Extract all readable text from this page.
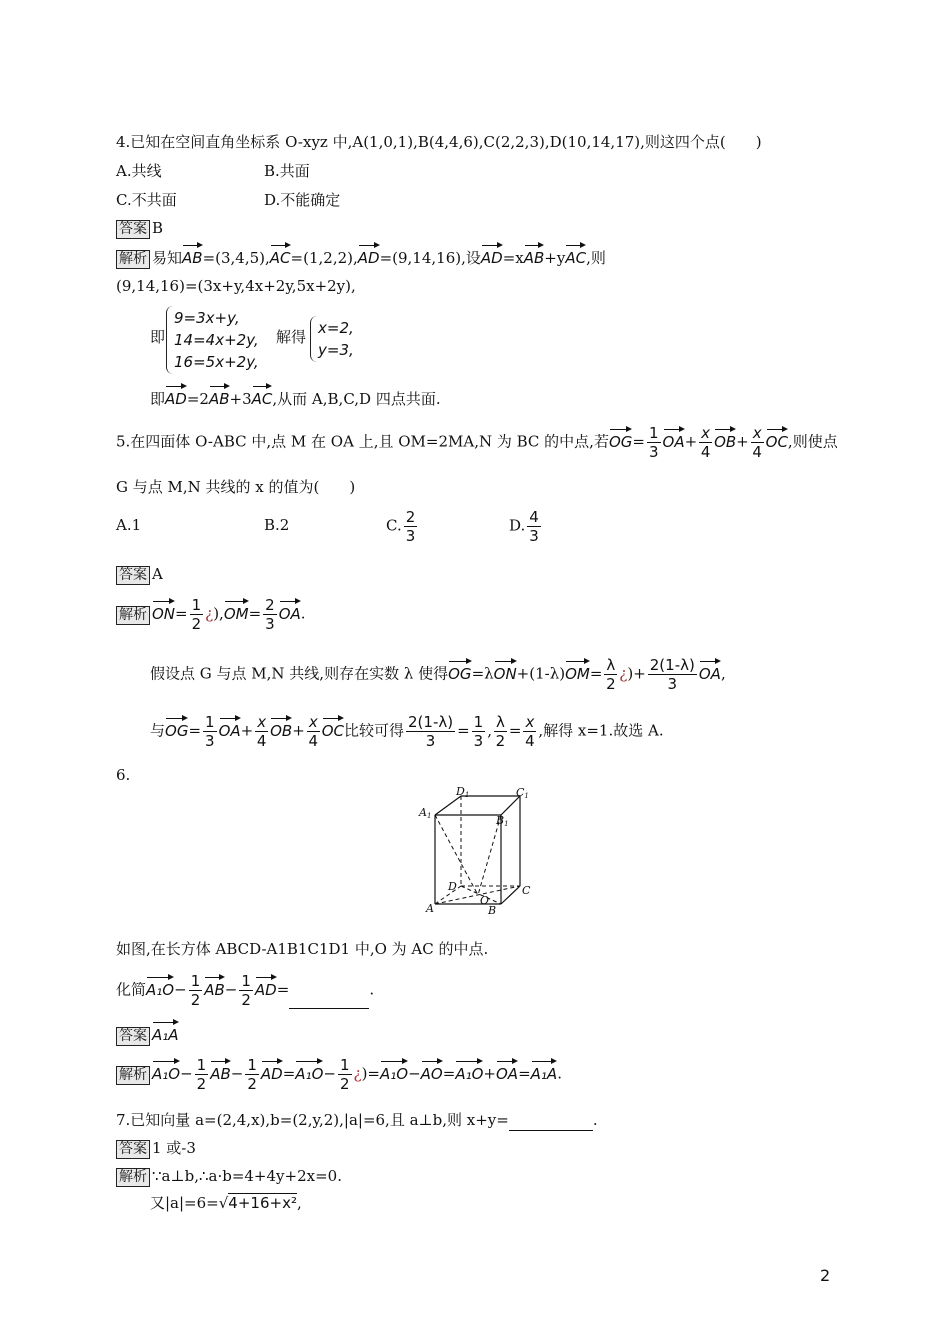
4.已知在空间直角坐标系 O-xyz 中,A(1,0,1),B(4,4,6),C(2,2,3),D(10,14,17),则这四个点(　　)
A.共线	B.共面
C.不共面	D.不能确定
答案 B
解析 易知AB=(3,4,5),AC=(1,2,2),AD=(9,14,16),设AD=xAB+yAC,则
(9,14,16)=(3x+y,4x+2y,5x+2y),
即
9=3x+y,
14=4x+2y,
16=5x+2y,
解得 x=2,
y=3,
即AD=2AB+3AC,从而 A,B,C,D 四点共面.
5.在四面体 O-ABC 中,点 M 在 OA 上,且 OM=2MA,N 为 BC 的中点,若$OG= \frac{1}{3} OA+ \frac{x}{4} OB+ \frac{x}{4}$ OC,则使点
G 与点 M,N 共线的 x 的值为(　　)
A.1	B.2	C. $\frac{2}{3}$	D. $\frac{4}{3}$
答案 A
解析 $ON= \frac{1}{2}$ ¿)$,OM= \frac{2}{3}$ OA.
假设点 G 与点 M,N 共线,则存在实数 λ 使得$OG=\lambda ON+(1-\lambda)OM= \frac{\lambda}{2}$ ¿)+ $\frac{2(1-\lambda)}{3}$ OA,
与$OG= \frac{1}{3} OA+ \frac{x}{4} OB+ \frac{x}{4}$ OC比较可得 $\frac{2(1-\lambda)}{3} = \frac{1}{3}$ , $\frac{\lambda}{2} = \frac{x}{4}$ ,解得 x=1.故选 A.
6.
D1	C1
A1	B1
D
O
C
A	B
如图,在长方体 ABCD-A1B1C1D1 中,O 为 AC 的中点.
化简$A_1O- \frac{1}{2} AB- \frac{1}{2} AD=$	.
答案 A₁A
解析 $A_1O- \frac{1}{2} AB- \frac{1}{2} AD=A_1O- \frac{1}{2}$ ¿)=A₁O−AO=A₁O+OA=A₁A.
7.已知向量 a=(2,4,x),b=(2,y,2),|a|=6,且 a⊥b,则 x+y=	.
答案 1 或-3
解析 ∵a⊥b,∴a·b=4+4y+2x=0.
又|a|=6=√4+16+x²,
2
